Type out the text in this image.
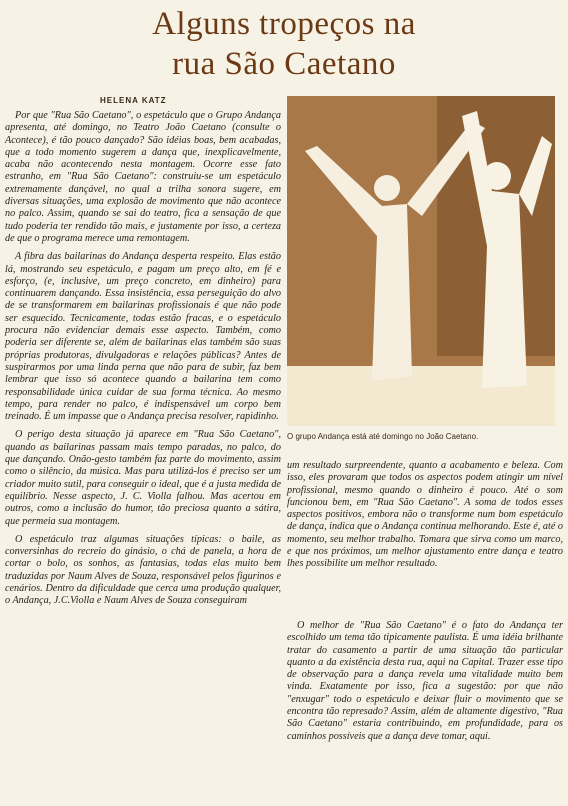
Alguns tropeços na
rua São Caetano
HELENA KATZ

Por que "Rua São Caetano", o espetáculo que o Grupo Andança apresenta, até domingo, no Teatro João Caetano (consulte o Acontece), é tão pouco dançado? São idéias boas, bem acabadas, que a todo momento sugerem a dança que, inexplicavelmente, acaba não acontecendo nesta montagem. Ocorre esse fato estranho, em "Rua São Caetano": construiu-se um espetáculo extremamente dançável, no qual a trilha sonora sugere, em diversas situações, uma explosão de movimento que não acontece no palco. Assim, quando se sai do teatro, fica a sensação de que tudo poderia ter rendido tão mais, e justamente por isso, a certeza de que o programa merece uma remontagem.

A fibra das bailarinas do Andança desperta respeito. Elas estão lá, mostrando seu espetáculo, e pagam um preço alto, em fé e esforço, (e, inclusive, um preço concreto, em dinheiro) para continuarem dançando. Essa insistência, essa perseguição do alvo de se transformarem em bailarinas profissionais é que não pode ser esquecido. Tecnicamente, todas estão fracas, e o espetáculo procura não evidenciar demais esse aspecto. Também, como poderia ser diferente se, além de bailarinas elas também são suas próprias produtoras, divulgadoras e relações públicas? Antes de suspirarmos por uma linda perna que não para de subir, faz bem lembrar que isso só acontece quando a bailarina tem como responsabilidade única cuidar de sua forma técnica. Ao mesmo tempo, para render no palco, é indispensável um corpo bem treinado. É um impasse que o Andança precisa resolver, rapidinho.

O perigo desta situação já aparece em "Rua São Caetano", quando as bailarinas passam mais tempo paradas, no palco, do que dançando. Onão-gesto também faz parte do movimento, assim como o silêncio, da música. Mas para utilizá-los é preciso ser um criador muito sutil, para conseguir o ideal, que é a justa medida de equilíbrio. Nesse aspecto, J. C. Violla falhou. Mas acertou em outros, como a inclusão do humor, tão preciosa quanto a sátira, que permeia sua montagem.

O espetáculo traz algumas situações típicas: o baile, as conversinhas do recreio do ginásio, o chá de panela, a hora de cortar o bolo, os sonhos, as fantasias, todas elas muito bem traduzidas por Naum Alves de Souza, responsável pelos figurinos e cenários. Dentro da dificuldade que cerca uma produção qualquer, o Andança, J.C.Violla e Naum Alves de Souza conseguiram

O grupo Andança está até domingo no João Caetano.

um resultado surpreendente, quanto a acabamento e beleza. Com isso, eles provaram que todos os aspectos podem atingir um nível profissional, mesmo quando o dinheiro é pouco. Até o som funcionou bem, em "Rua São Caetano". A soma de todos esses aspectos positivos, embora não o transforme num bom espetáculo de dança, indica que o Andança continua melhorando. Este é, até o momento, seu melhor trabalho. Tomara que sirva como um marco, e que nos próximos, um melhor ajustamento entre dança e teatro lhes possibilite um melhor resultado.

O melhor de "Rua São Caetano" é o fato do Andança ter escolhido um tema tão tipicamente paulista. É uma idéia brilhante tratar do casamento a partir de uma situação tão particular quanto a da existência desta rua, aqui na Capital. Trazer esse tipo de observação para a dança revela uma vitalidade muito bem vinda. Exatamente por isso, fica a sugestão: por que não "enxugar" todo o espetáculo e deixar fluir o movimento que se encontra tão represado? Assim, além de altamente digestivo, "Rua São Caetano" estaria contribuindo, em profundidade, para os caminhos possíveis que a dança deve tomar, aqui.
